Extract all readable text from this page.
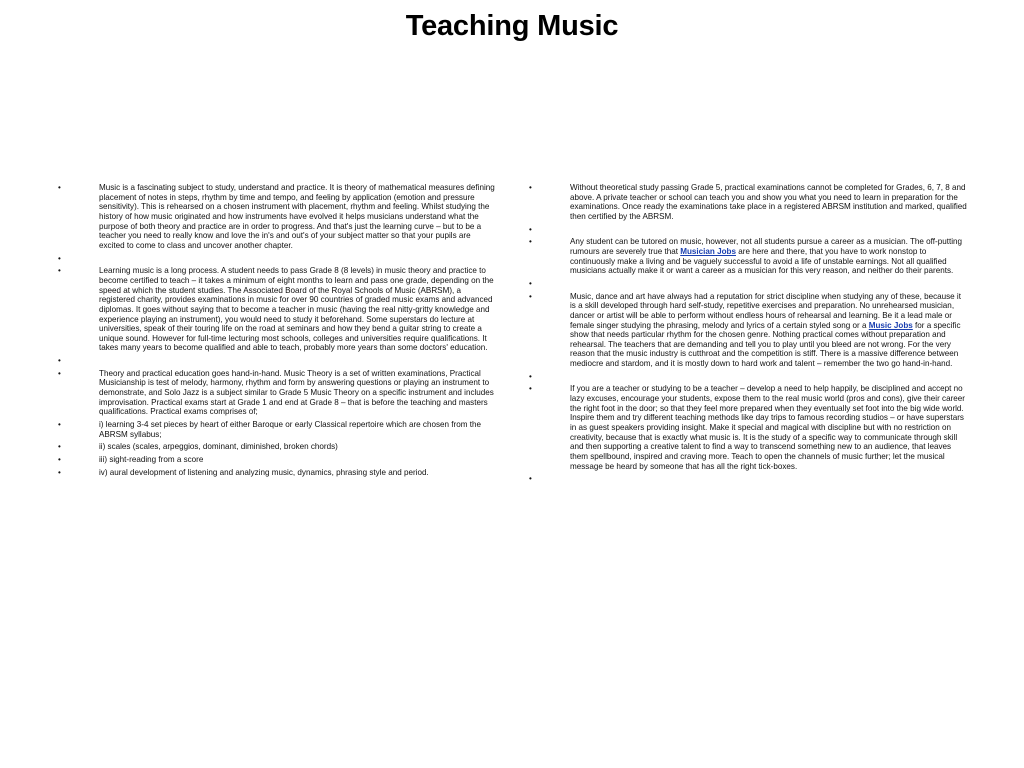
Teaching Music
•	Music is a fascinating subject to study, understand and practice. It is theory of mathematical measures defining placement of notes in steps, rhythm by time and tempo, and feeling by application (emotion and pressure sensitivity). This is rehearsed on a chosen instrument with placement, rhythm and feeling. Whilst studying the history of how music originated and how instruments have evolved it helps musicians understand what the purpose of both theory and practice are in order to progress. And that's just the learning curve – but to be a teacher you need to really know and love the in's and out's of your subject matter so that your pupils are excited to come to class and uncover another chapter.
•
•	Learning music is a long process. A student needs to pass Grade 8 (8 levels) in music theory and practice to become certified to teach – it takes a minimum of eight months to learn and pass one grade, depending on the speed at which the student studies. The Associated Board of the Royal Schools of Music (ABRSM), a registered charity, provides examinations in music for over 90 countries of graded music exams and advanced diplomas. It goes without saying that to become a teacher in music (having the real nitty-gritty knowledge and experience playing an instrument), you would need to study it beforehand. Some superstars do lecture at universities, speak of their touring life on the road at seminars and how they bend a guitar string to create a unique sound. However for full-time lecturing most schools, colleges and universities require qualifications. It takes many years to become qualified and able to teach, probably more years than some doctors' education.
•
•	Theory and practical education goes hand-in-hand. Music Theory is a set of written examinations, Practical Musicianship is test of melody, harmony, rhythm and form by answering questions or playing an instrument to demonstrate, and Solo Jazz is a subject similar to Grade 5 Music Theory on a specific instrument and includes improvisation. Practical exams start at Grade 1 and end at Grade 8 – that is before the teaching and masters qualifications. Practical exams comprises of;
•	i) learning 3-4 set pieces by heart of either Baroque or early Classical repertoire which are chosen from the ABRSM syllabus;
•	ii) scales (scales, arpeggios, dominant, diminished, broken chords)
•	iii) sight-reading from a score
•	iv) aural development of listening and analyzing music, dynamics, phrasing style and period.
•	Without theoretical study passing Grade 5, practical examinations cannot be completed for Grades, 6, 7, 8 and above. A private teacher or school can teach you and show you what you need to learn in preparation for the examinations. Once ready the examinations take place in a registered ABRSM institution and marked, qualified then certified by the ABRSM.
•
•	Any student can be tutored on music, however, not all students pursue a career as a musician. The off-putting rumours are severely true that Musician Jobs are here and there, that you have to work nonstop to continuously make a living and be vaguely successful to avoid a life of unstable earnings. Not all qualified musicians actually make it or want a career as a musician for this very reason, and neither do their parents.
•
•	Music, dance and art have always had a reputation for strict discipline when studying any of these, because it is a skill developed through hard self-study, repetitive exercises and preparation. No unrehearsed musician, dancer or artist will be able to perform without endless hours of rehearsal and learning. Be it a lead male or female singer studying the phrasing, melody and lyrics of a certain styled song or a Music Jobs for a specific show that needs particular rhythm for the chosen genre. Nothing practical comes without preparation and rehearsal. The teachers that are demanding and tell you to play until you bleed are not wrong. For the very reason that the music industry is cutthroat and the competition is stiff. There is a massive difference between mediocre and stardom, and it is mostly down to hard work and talent – remember the two go hand-in-hand.
•
•	If you are a teacher or studying to be a teacher – develop a need to help happily, be disciplined and accept no lazy excuses, encourage your students, expose them to the real music world (pros and cons), give their career the right foot in the door; so that they feel more prepared when they eventually set foot into the big wide world. Inspire them and try different teaching methods like day trips to famous recording studios – or have superstars in as guest speakers providing insight. Make it special and magical with discipline but with no restriction on creativity, because that is exactly what music is. It is the study of a specific way to communicate through skill and then supporting a creative talent to find a way to transcend something new to an audience, that leaves them spellbound, inspired and craving more. Teach to open the channels of music further; let the musical message be heard by someone that has all the right tick-boxes.
•
